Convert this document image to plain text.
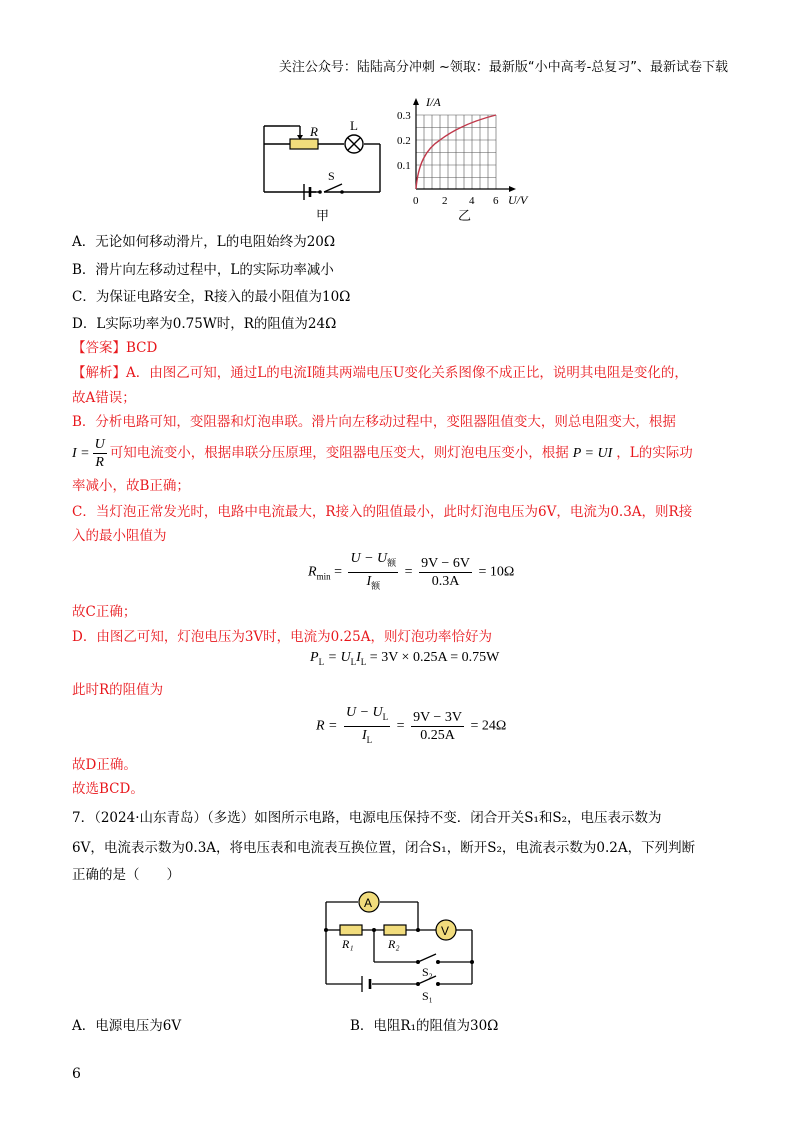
关注公众号：陆陆高分冲刺 ~领取：最新版“小中高考-总复习”、最新试卷下载
R L
S
甲
I/A
0.3
0.2
0.1
0 2 4 6 U/V
乙
A．无论如何移动滑片，L的电阻始终为20Ω
B．滑片向左移动过程中，L的实际功率减小
C．为保证电路安全，R接入的最小阻值为10Ω
D．L实际功率为0.75W时，R的阻值为24Ω
【答案】BCD
【解析】A．由图乙可知，通过L的电流I随其两端电压U变化关系图像不成正比，说明其电阻是变化的，
故A错误；
B．分析电路可知，变阻器和灯泡串联。滑片向左移动过程中，变阻器阻值变大，则总电阻变大，根据
$I = \frac{U}{R}$ 可知电流变小，根据串联分压原理，变阻器电压变大，则灯泡电压变小，根据 P = UI ，L的实际功
率减小，故B正确；
C．当灯泡正常发光时，电路中电流最大，R接入的阻值最小，此时灯泡电压为6V，电流为0.3A，则R接
入的最小阻值为
$R_{min} = \frac{U - U_额}{I_额} = \frac{9V - 6V}{0.3A} = 10\Omega$
故C正确；
D．由图乙可知，灯泡电压为3V时，电流为0.25A，则灯泡功率恰好为
$P_L = U_LI_L = 3V \times 0.25A = 0.75W$
此时R的阻值为
$R = \frac{U - U_L}{I_L} = \frac{9V - 3V}{0.25A} = 24\Omega$
故D正确。
故选BCD。
7．（2024·山东青岛）（多选）如图所示电路，电源电压保持不变．闭合开关S₁和S₂，电压表示数为
6V，电流表示数为0.3A，将电压表和电流表互换位置，闭合S₁，断开S₂，电流表示数为0.2A，下列判断
正确的是（　　）
A
V
R₁	R₂
S₂
S₁
A．电源电压为6V	B．电阻R₁的阻值为30Ω
6
